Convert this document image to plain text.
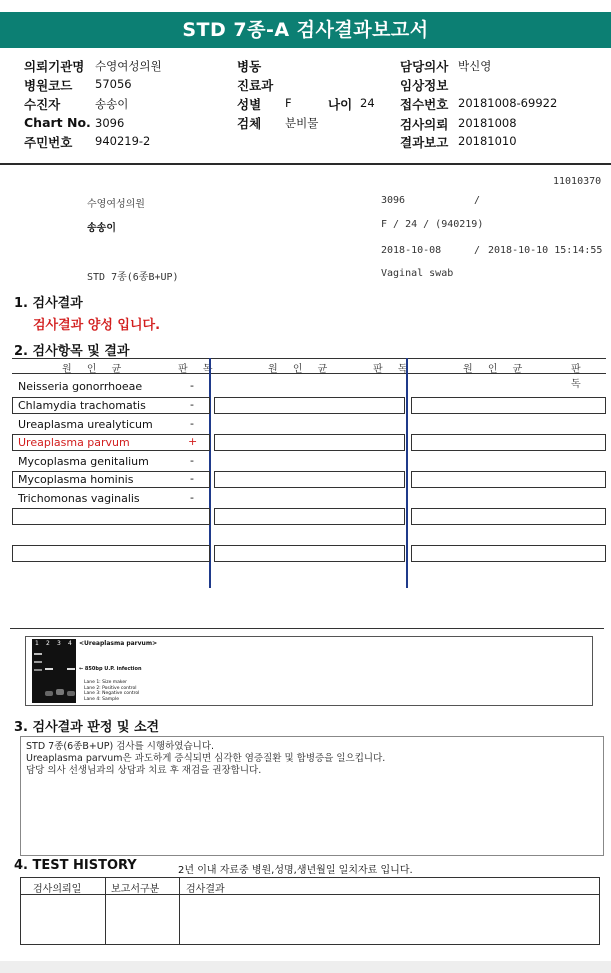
STD 7종-A 검사결과보고서
의뢰기관명 수영여성의원
병원코드 57056
수진자	송송이
Chart No. 3096
주민번호 940219-2
병동
진료과
성별 F	나이 24
검체 분비물
담당의사 박신영
임상정보
접수번호 20181008-69922
검사의뢰 20181008
결과보고 20181010
11010370
수영여성의원	3096	/
송송이	F / 24 / (940219)
2018-10-08	/ 2018-10-10 15:14:55
STD 7종(6종B+UP)	Vaginal swab
1. 검사결과
검사결과 양성 입니다.
2. 검사항목 및 결과
원 인 균	판 독	원 인 균	판 독	원 인 균	판 독
Neisseria gonorrhoeae	-
Chlamydia trachomatis	-
Ureaplasma urealyticum	-
Ureaplasma parvum	+
Mycoplasma genitalium	-
Mycoplasma hominis	-
Trichomonas vaginalis	-
1 2 3 4 <Ureaplasma parvum>
← 850bp U.P. infection
Lane 1: Size maker
Lane 2: Positive control
Lane 3: Negative control
Lane 4: Sample
3. 검사결과 판정 및 소견
STD 7종(6종B+UP) 검사를 시행하였습니다.
Ureaplasma parvum은 과도하게 증식되면 심각한 염증질환 및 합병증을 일으킵니다.
담당 의사 선생님과의 상담과 치료 후 재검을 권장합니다.
4. TEST HISTORY	2년 이내 자료중 병원,성명,생년월일 일치자료 입니다.
검사의뢰일	보고서구분	검사결과
